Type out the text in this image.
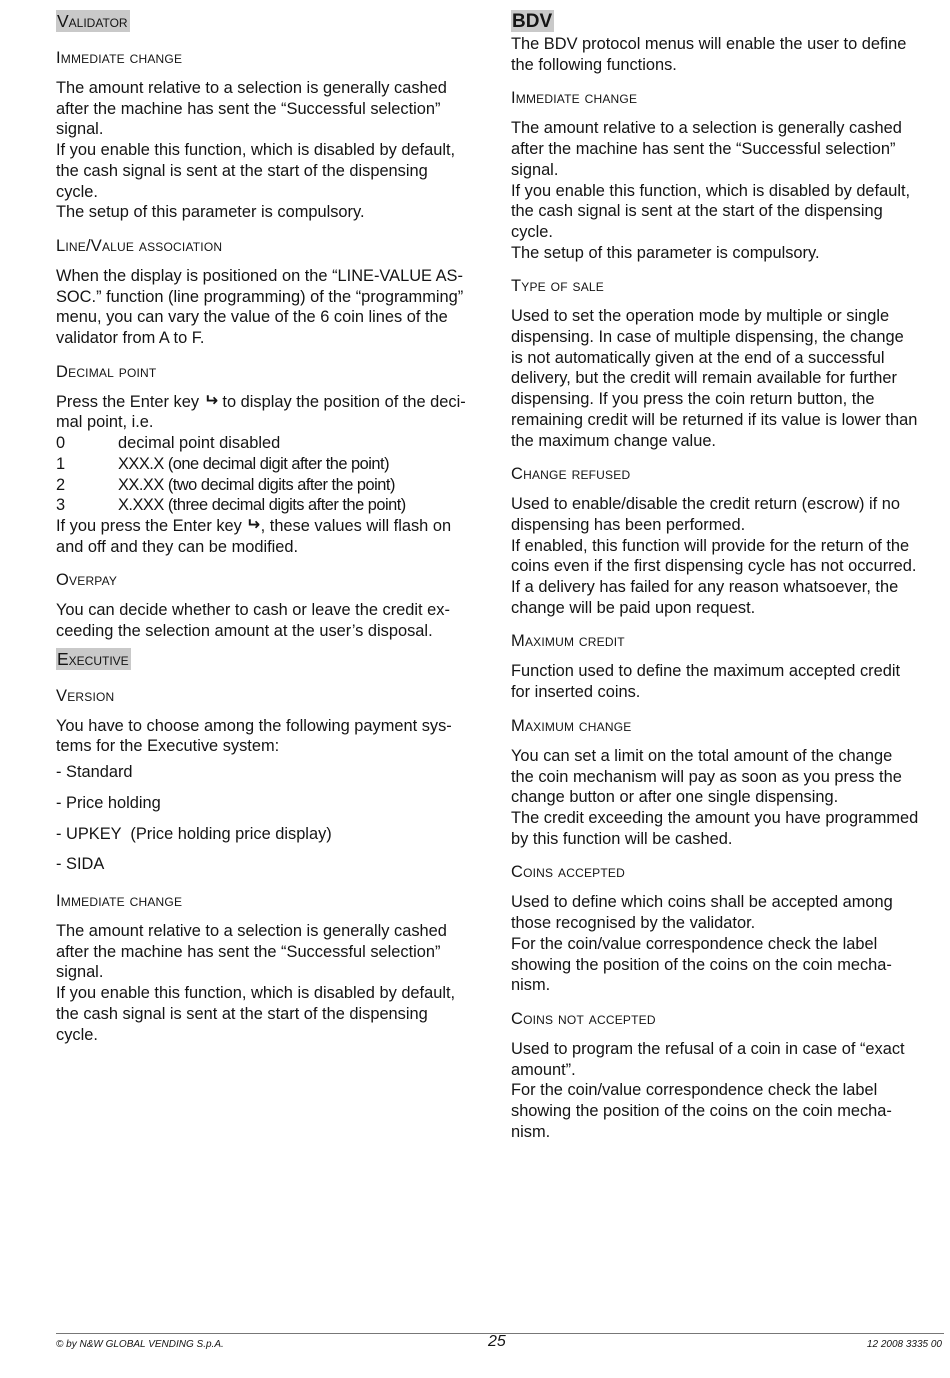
Validator
Immediate change
The amount relative to a selection is generally cashed
after the machine has sent the “Successful selection”
signal.
If you enable this function, which is disabled by default,
the cash signal is sent at the start of the dispensing
cycle.
The setup of this parameter is compulsory.
Line/Value association
When the display is positioned on the “LINE-VALUE AS-
SOC.” function (line programming) of the “programming”
menu, you can vary the value of the 6 coin lines of the
validator from A to F.
Decimal point
Press the Enter key ↵ to display the position of the deci-
mal point, i.e.
0	decimal point disabled
1	XXX.X (one decimal digit after the point)
2	XX.XX (two decimal digits after the point)
3	X.XXX (three decimal digits after the point)
If you press the Enter key ↵, these values will flash on
and off and they can be modified.
Overpay
You can decide whether to cash or leave the credit ex-
ceeding the selection amount at the user’s disposal.
Executive
Version
You have to choose among the following payment sys-
tems for the Executive system:
- Standard
- Price holding
- UPKEY  (Price holding price display)
- SIDA
Immediate change
The amount relative to a selection is generally cashed
after the machine has sent the “Successful selection”
signal.
If you enable this function, which is disabled by default,
the cash signal is sent at the start of the dispensing
cycle.
BDV
The BDV protocol menus will enable the user to define
the following functions.
Immediate change
The amount relative to a selection is generally cashed
after the machine has sent the “Successful selection”
signal.
If you enable this function, which is disabled by default,
the cash signal is sent at the start of the dispensing
cycle.
The setup of this parameter is compulsory.
Type of sale
Used to set the operation mode by multiple or single
dispensing. In case of multiple dispensing, the change
is not automatically given at the end of a successful
delivery, but the credit will remain available for further
dispensing. If you press the coin return button, the
remaining credit will be returned if its value is lower than
the maximum change value.
Change refused
Used to enable/disable the credit return (escrow) if no
dispensing has been performed.
If enabled, this function will provide for the return of the
coins even if the first dispensing cycle has not occurred.
If a delivery has failed for any reason whatsoever, the
change will be paid upon request.
Maximum credit
Function used to define the maximum accepted credit
for inserted coins.
Maximum change
You can set a limit on the total amount of the change
the coin mechanism will pay as soon as you press the
change button or after one single dispensing.
The credit exceeding the amount you have programmed
by this function will be cashed.
Coins accepted
Used to define which coins shall be accepted among
those recognised by the validator.
For the coin/value correspondence check the label
showing the position of the coins on the coin mecha-
nism.
Coins not accepted
Used to program the refusal of a coin in case of “exact
amount”.
For the coin/value correspondence check the label
showing the position of the coins on the coin mecha-
nism.
© by N&W GLOBAL VENDING S.p.A.	25	12 2008 3335 00
